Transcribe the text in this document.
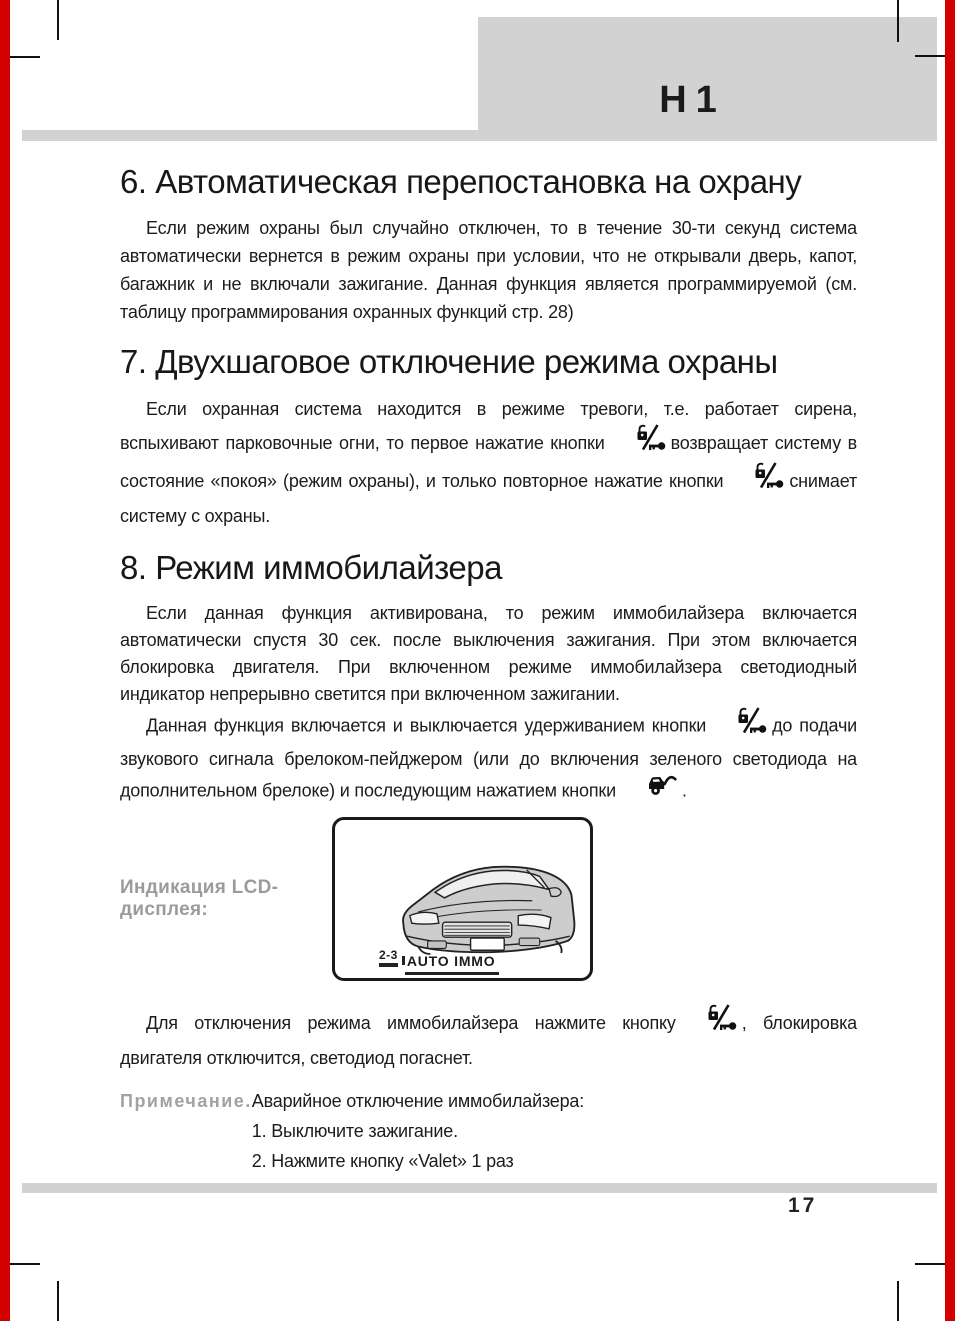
H1
6. Автоматическая перепостановка на охрану

Если режим охраны был случайно отключен, то в течение 30-ти секунд система автоматически вернется в режим охраны при условии, что не открывали дверь, капот, багажник и не включали зажигание. Данная функция является программируемой (см. таблицу программирования охранных функций стр. 28)

7. Двухшаговое отключение режима охраны

Если охранная система находится в режиме тревоги, т.е. работает сирена, вспыхивают парковочные огни, то первое нажатие кнопки	возвращает систему в состояние «покоя» (режим охраны), и только повторное нажатие кнопки	снимает систему с охраны.

8. Режим иммобилайзера

Если данная функция активирована, то режим иммобилайзера включается автоматически спустя 30 сек. после выключения зажигания. При этом включается блокировка двигателя. При включенном режиме иммобилайзера светодиодный индикатор непрерывно светится при включенном зажигании.

Данная функция включается и выключается удерживанием кнопки	до подачи звукового сигнала брелоком-пейджером (или до включения зеленого светодиода на дополнительном брелоке) и последующим нажатием кнопки	.

Индикация LCD-дисплея:
2-3 AUTO IMMO

Для отключения режима иммобилайзера нажмите кнопку	, блокировка двигателя отключится, светодиод погаснет.

Примечание. Аварийное отключение иммобилайзера:
1. Выключите зажигание.
2. Нажмите кнопку «Valet» 1 раз
17
